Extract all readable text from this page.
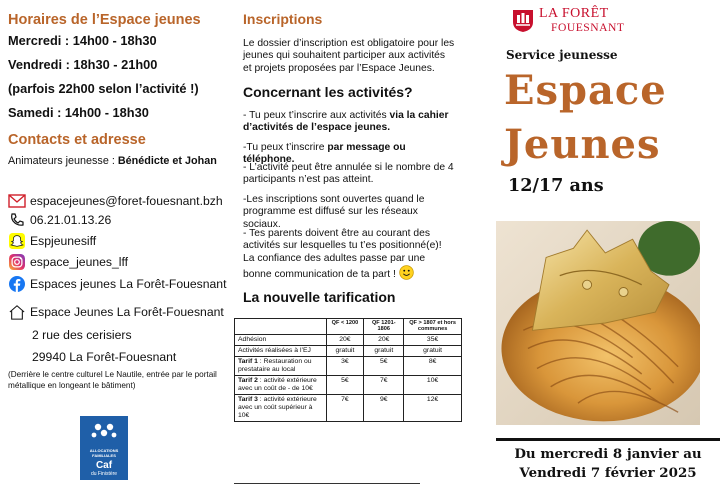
Horaires de l’Espace jeunes
Mercredi : 14h00 - 18h30
Vendredi : 18h30 - 21h00
(parfois 22h00 selon l’activité !)
Samedi : 14h00 - 18h30
Contacts et adresse
Animateurs jeunesse : Bénédicte et Johan
espacejeunes@foret-fouesnant.bzh
06.21.01.13.26
Espjeunesiff
espace_jeunes_lff
Espaces jeunes La Forêt-Fouesnant
Espace Jeunes La Forêt-Fouesnant
2 rue des cerisiers
29940 La Forêt-Fouesnant
(Derrière le centre culturel Le Nautile, entrée par le portail métallique en longeant le bâtiment)
ALLOCATIONS FAMILIALES
Caf
du Finistère
Inscriptions
Le dossier d’inscription est obligatoire pour les jeunes qui souhaitent participer aux activités et projets proposées par l’Espace Jeunes.
Concernant les activités?
- Tu peux t’inscrire aux activités via la cahier d’activités de l’espace jeunes.
-Tu peux t’inscrire par message ou téléphone.
- L’activité peut être annulée si le nombre de 4 participants n’est pas atteint.
-Les inscriptions sont ouvertes quand le programme est diffusé sur les réseaux sociaux.
- Tes parents doivent être au courant des activités sur lesquelles tu t’es positionné(e)! La confiance des adultes passe par une bonne communication de ta part !
La nouvelle tarification
	QF < 1200	QF 1201-1806	QF > 1807 et hors communes
Adhésion	20€	20€	35€
Activités réalisées à l’EJ	gratuit	gratuit	gratuit
Tarif 1 : Restauration ou prestataire au local	3€	5€	8€
Tarif 2 : activité extérieure avec un coût de - de 10€	5€	7€	10€
Tarif 3 : activité extérieure avec un coût supérieur à 10€	7€	9€	12€
LA FORÊT
FOUESNANT
Service jeunesse
Espace
Jeunes
12/17 ans
Du mercredi 8 janvier au
Vendredi 7 février 2025
